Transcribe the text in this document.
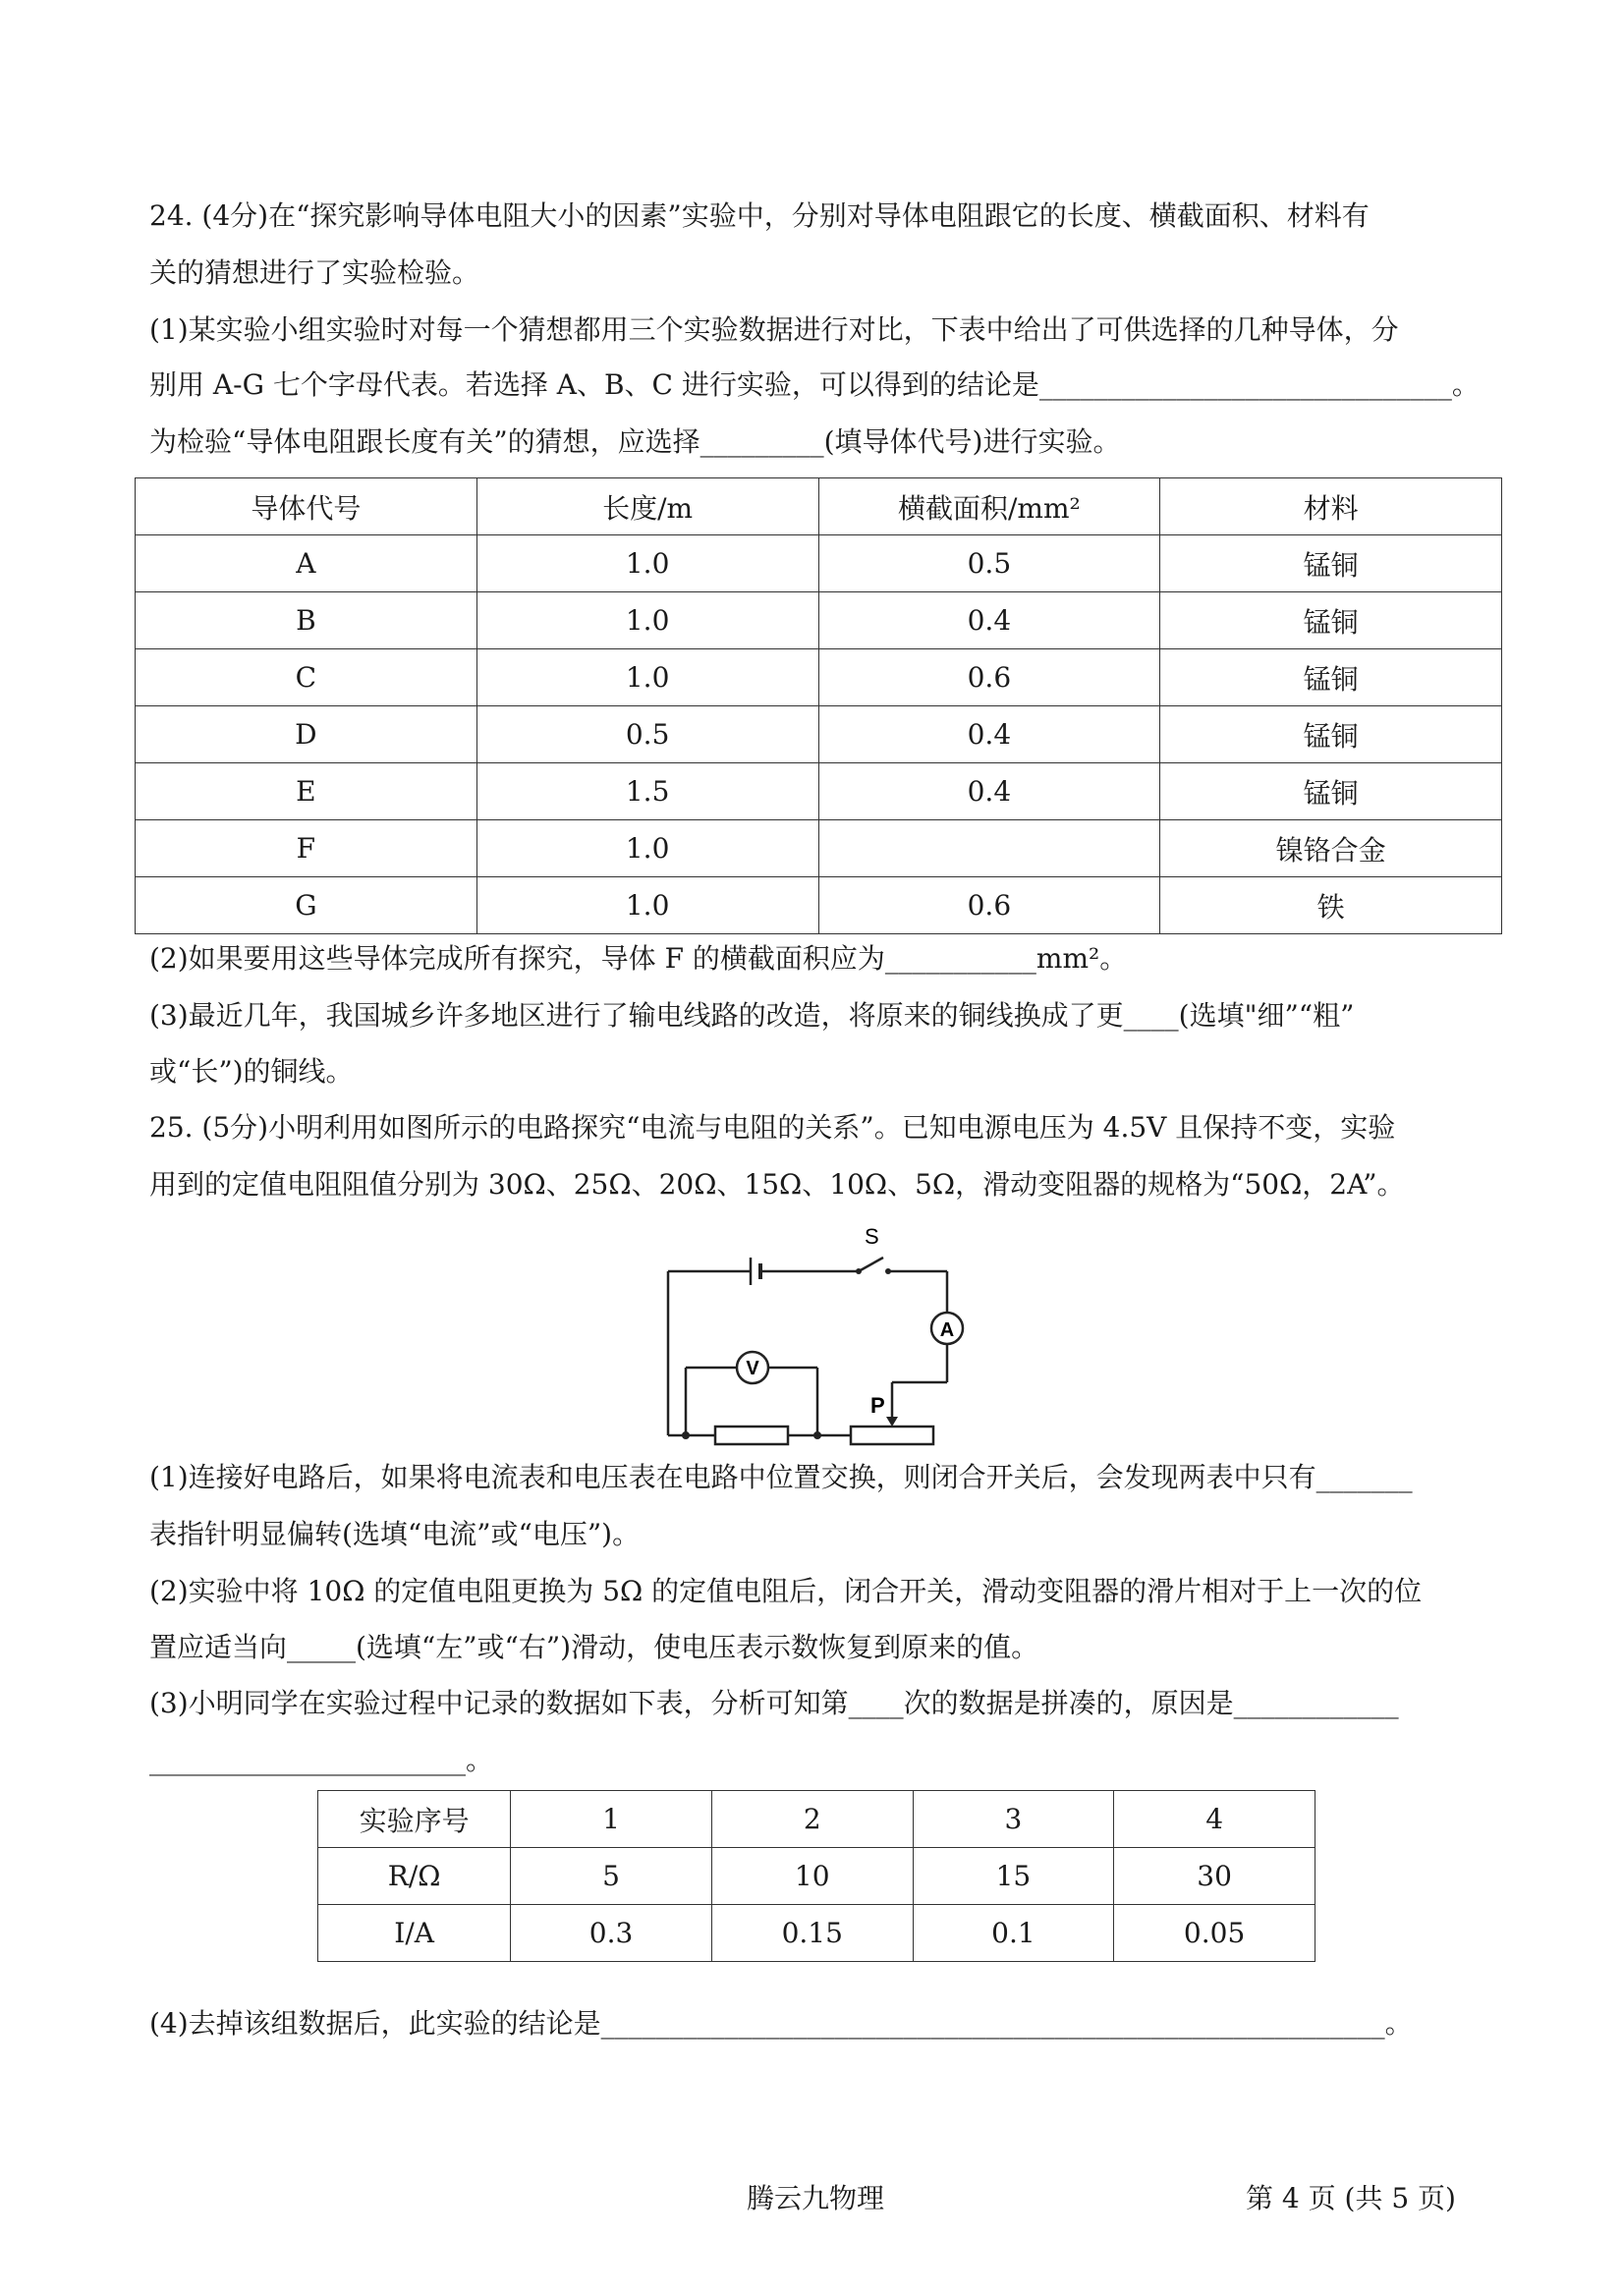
24. (4分)在“探究影响导体电阻大小的因素”实验中，分别对导体电阻跟它的长度、横截面积、材料有
关的猜想进行了实验检验。
(1)某实验小组实验时对每一个猜想都用三个实验数据进行对比，下表中给出了可供选择的几种导体，分
别用 A-G 七个字母代表。若选择 A、B、C 进行实验，可以得到的结论是______________________________。
为检验“导体电阻跟长度有关”的猜想，应选择_________(填导体代号)进行实验。
导体代号	长度/m	横截面积/mm²	材料
A	1.0	0.5	锰铜
B	1.0	0.4	锰铜
C	1.0	0.6	锰铜
D	0.5	0.4	锰铜
E	1.5	0.4	锰铜
F	1.0		镍铬合金
G	1.0	0.6	铁
(2)如果要用这些导体完成所有探究，导体 F 的横截面积应为___________mm²。
(3)最近几年，我国城乡许多地区进行了输电线路的改造，将原来的铜线换成了更____(选填"细”“粗”
或“长”)的铜线。
25. (5分)小明利用如图所示的电路探究“电流与电阻的关系”。已知电源电压为 4.5V 且保持不变，实验
用到的定值电阻阻值分别为 30Ω、25Ω、20Ω、15Ω、10Ω、5Ω，滑动变阻器的规格为“50Ω，2A”。
S
A
V
P
(1)连接好电路后，如果将电流表和电压表在电路中位置交换，则闭合开关后，会发现两表中只有_______
表指针明显偏转(选填“电流”或“电压”)。
(2)实验中将 10Ω 的定值电阻更换为 5Ω 的定值电阻后，闭合开关，滑动变阻器的滑片相对于上一次的位
置应适当向_____(选填“左”或“右”)滑动，使电压表示数恢复到原来的值。
(3)小明同学在实验过程中记录的数据如下表，分析可知第____次的数据是拼凑的，原因是____________
_______________________。
实验序号	1	2	3	4
R/Ω	5	10	15	30
I/A	0.3	0.15	0.1	0.05
(4)去掉该组数据后，此实验的结论是_________________________________________________________。
腾云九物理	第 4 页 (共 5 页)
